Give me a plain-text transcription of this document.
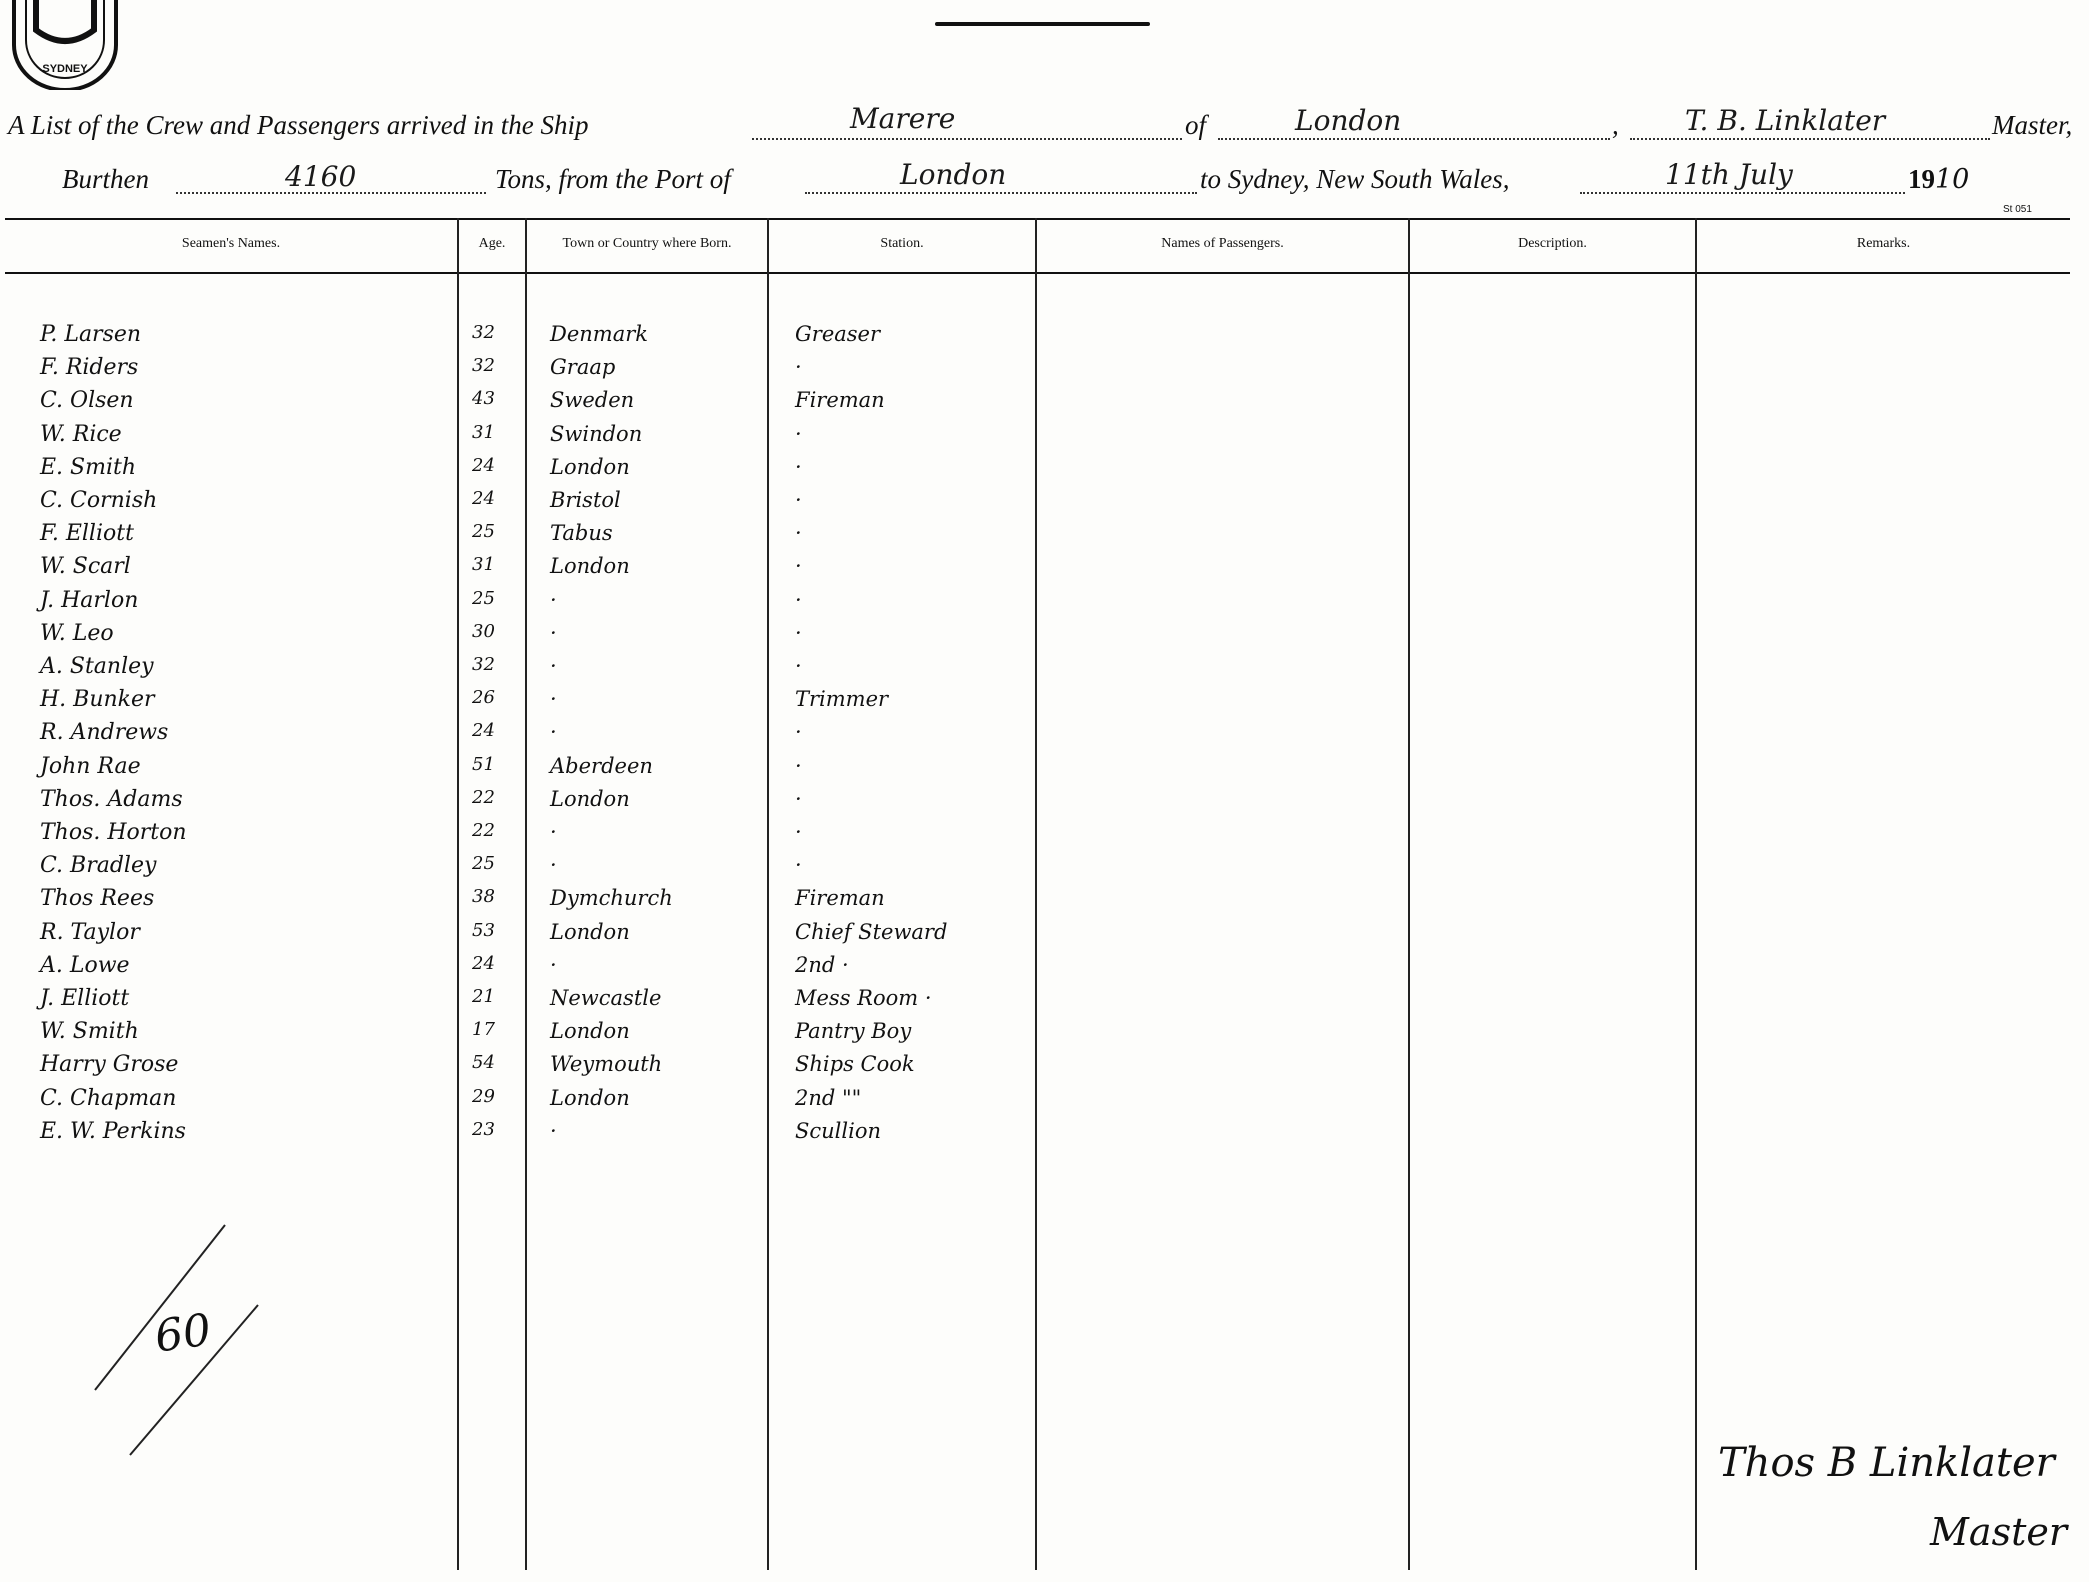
SYDNEY
A List of the Crew and Passengers arrived in the Ship	Marere	of	London	, T. B. Linklater	Master,
Burthen	4160	Tons, from the Port of	London	to Sydney, New South Wales,	11th July	1910
St 051
Seamen's Names.	Age.	Town or Country where Born.	Station.	Names of Passengers.	Description.	Remarks.
P. Larsen	32	Denmark	Greaser
F. Riders	32	Graap	·
C. Olsen	43	Sweden	Fireman
W. Rice	31	Swindon	·
E. Smith	24	London	·
C. Cornish	24	Bristol	·
F. Elliott	25	Tabus	·
W. Scarl	31	London	·
J. Harlon	25	·	·
W. Leo	30	·	·
A. Stanley	32	·	·
H. Bunker	26	·	Trimmer
R. Andrews	24	·	·
John Rae	51	Aberdeen	·
Thos. Adams	22	London	·
Thos. Horton	22	·	·
C. Bradley	25	·	·
Thos Rees	38	Dymchurch	Fireman
R. Taylor	53	London	Chief Steward
A. Lowe	24	·	2nd ·
J. Elliott	21	Newcastle	Mess Room ·
W. Smith	17	London	Pantry Boy
Harry Grose	54	Weymouth	Ships Cook
C. Chapman	29	London	2nd ""
E. W. Perkins	23	·	Scullion
60
Thos B Linklater
Master
